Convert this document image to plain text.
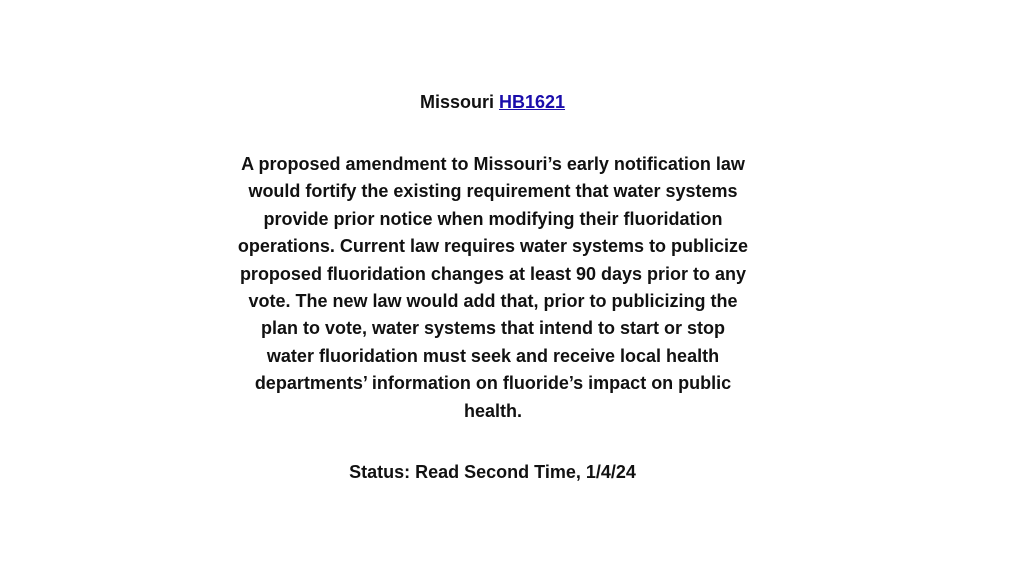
Missouri HB1621
A proposed amendment to Missouri’s early notification law would fortify the existing requirement that water systems provide prior notice when modifying their fluoridation operations. Current law requires water systems to publicize proposed fluoridation changes at least 90 days prior to any vote. The new law would add that, prior to publicizing the plan to vote, water systems that intend to start or stop water fluoridation must seek and receive local health departments’ information on fluoride’s impact on public health.
Status: Read Second Time, 1/4/24
